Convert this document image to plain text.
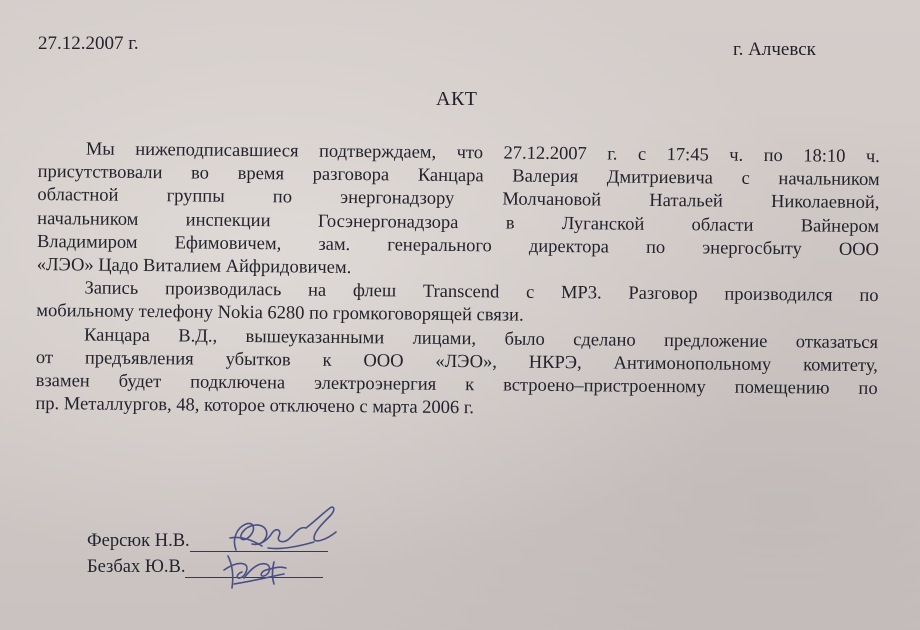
27.12.2007 г.	г. Алчевск
АКТ
Мы нижеподписавшиеся подтверждаем, что 27.12.2007 г. с 17:45 ч. по 18:10 ч.
присутствовали во время разговора Канцара Валерия Дмитриевича с начальником
областной группы по энергонадзору Молчановой Натальей Николаевной,
начальником инспекции Госэнергонадзора в Луганской области Вайнером
Владимиром Ефимовичем, зам. генерального директора по энергосбыту ООО
«ЛЭО» Цадо Виталием Айфридовичем.
Запись производилась на флеш Transcend с MP3. Разговор производился по
мобильному телефону Nokia 6280 по громкоговорящей связи.
Канцара В.Д., вышеуказанными лицами, было сделано предложение отказаться
от предъявления убытков к ООО «ЛЭО», НКРЭ, Антимонопольному комитету,
взамен будет подключена электроэнергия к встроено–пристроенному помещению по
пр. Металлургов, 48, которое отключено с марта 2006 г.
Ферсюк Н.В.
Безбах Ю.В.
